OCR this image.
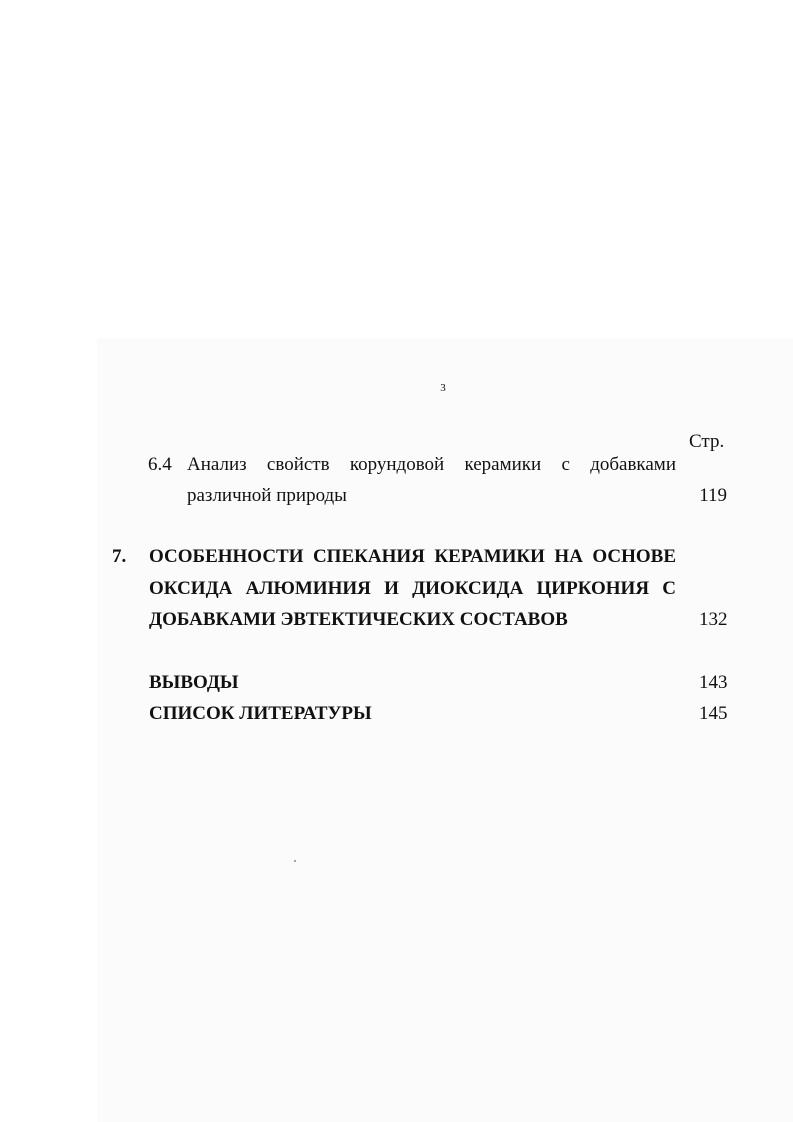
3
Стр.
6.4 Анализ свойств корундовой керамики с добавками
различной природы	119
7. ОСОБЕННОСТИ СПЕКАНИЯ КЕРАМИКИ НА ОСНОВЕ
ОКСИДА АЛЮМИНИЯ И ДИОКСИДА ЦИРКОНИЯ С
ДОБАВКАМИ ЭВТЕКТИЧЕСКИХ СОСТАВОВ	132
ВЫВОДЫ	143
СПИСОК ЛИТЕРАТУРЫ	145
